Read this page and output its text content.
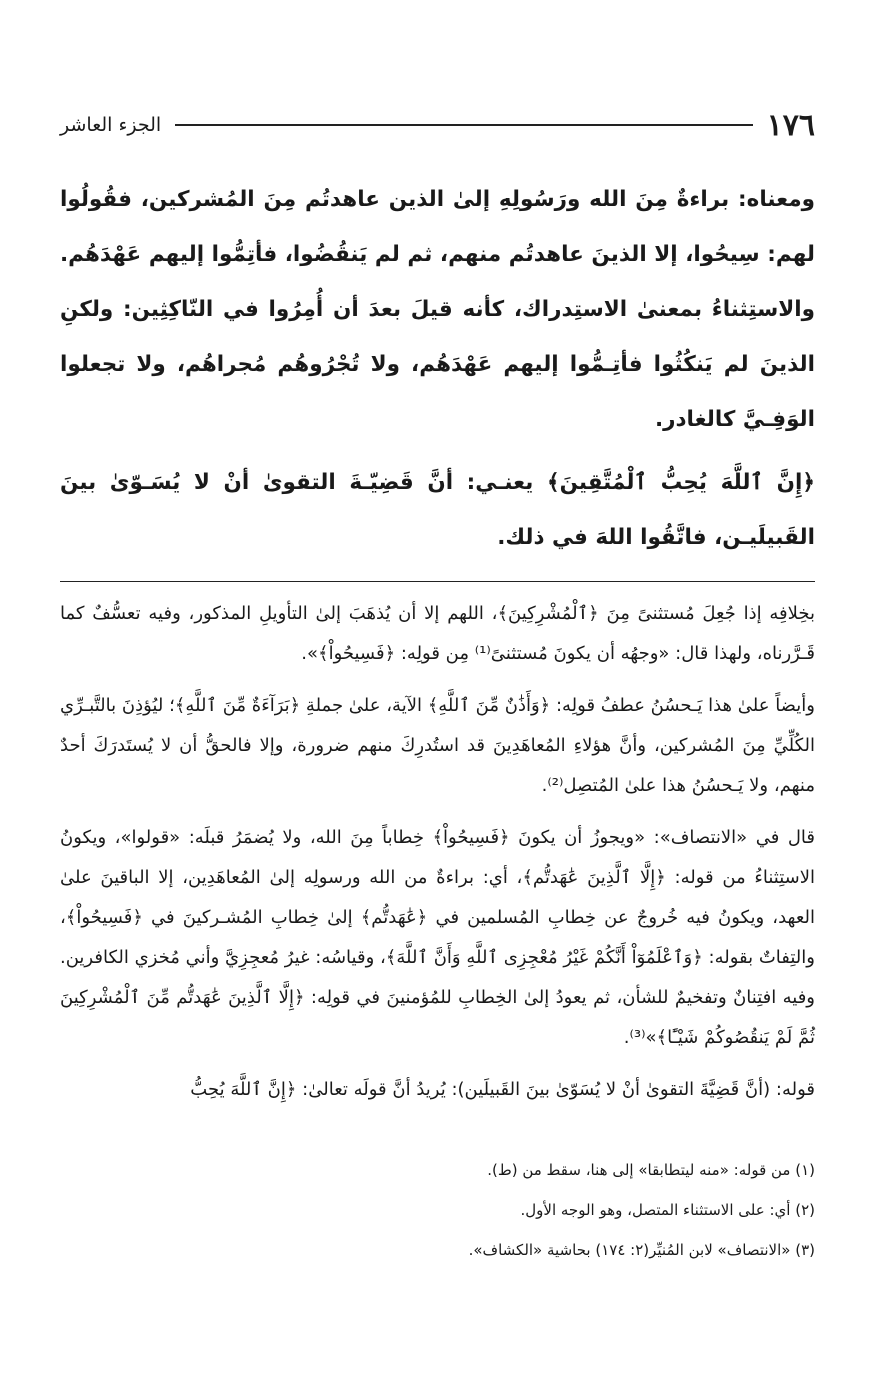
١٧٦
الجزء العاشر

ومعناه: براءةٌ مِنَ الله ورَسُولِهِ إلىٰ الذين عاهدتُم مِنَ المُشركين، فقُولُوا لهم: سِيحُوا، إلا الذينَ عاهدتُم منهم، ثم لم يَنقُضُوا، فأتِمُّوا إليهم عَهْدَهُم. والاستِثناءُ بمعنىٰ الاستِدراك، كأنه قيلَ بعدَ أن أُمِرُوا في النّاكِثِين: ولكنِ الذينَ لم يَنكُثُوا فأتِـمُّوا إليهم عَهْدَهُم، ولا تُجْرُوهُم مُجراهُم، ولا تجعلوا الوَفِـيَّ كالغادر.

﴿إِنَّ ٱللَّهَ يُحِبُّ ٱلْمُتَّقِينَ﴾ يعنـي: أنَّ قَضِيّـةَ التقوىٰ أنْ لا يُسَـوّىٰ بينَ القَبيلَيـن، فاتَّقُوا اللهَ في ذلك.

بخِلافِه إذا جُعِلَ مُستثنىً مِنَ ﴿ٱلْمُشْرِكِينَ﴾، اللهم إلا أن يُذهَبَ إلىٰ التأويلِ المذكور، وفيه تعسُّفٌ كما قَـرَّرناه، ولهذا قال: «وجهُه أن يكونَ مُستثنىً⁽¹⁾ مِن قولِه: ﴿فَسِيحُواْ﴾».

وأيضاً علىٰ هذا يَـحسُنُ عطفُ قولِه: ﴿وَأَذَٰنٌ مِّنَ ٱللَّهِ﴾ الآية، علىٰ جملةِ ﴿بَرَآءَةٌ مِّنَ ٱللَّهِ﴾؛ ليُؤذِنَ بالتَّبـرِّي الكُلِّيِّ مِنَ المُشركين، وأنَّ هؤلاءِ المُعاهَدِينَ قد استُدرِكَ منهم ضرورة، وإلا فالحقُّ أن لا يُستَدرَكَ أحدٌ منهم، ولا يَـحسُنُ هذا علىٰ المُتصِل⁽²⁾.

قال في «الانتصاف»: «ويجوزُ أن يكونَ ﴿فَسِيحُواْ﴾ خِطاباً مِنَ الله، ولا يُضمَرُ قبلَه: «قولوا»، ويكونُ الاستِثناءُ من قوله: ﴿إِلَّا ٱلَّذِينَ عَٰهَدتُّم﴾، أي: براءةٌ من الله ورسولِه إلىٰ المُعاهَدِين، إلا الباقينَ علىٰ العهد، ويكونُ فيه خُروجٌ عن خِطابِ المُسلمين في ﴿عَٰهَدتُّم﴾ إلىٰ خِطابِ المُشـركينَ في ﴿فَسِيحُواْ﴾، والتِفاتٌ بقوله: ﴿وَٱعْلَمُوٓاْ أَنَّكُمْ غَيْرُ مُعْجِزِى ٱللَّهِ وَأَنَّ ٱللَّهَ﴾، وقياسُه: غيرُ مُعجِزِيَّ وأني مُخزي الكافرين. وفيه افتِنانٌ وتفخيمٌ للشأن، ثم يعودُ إلىٰ الخِطابِ للمُؤمنينَ في قولِه: ﴿إِلَّا ٱلَّذِينَ عَٰهَدتُّم مِّنَ ٱلْمُشْرِكِينَ ثُمَّ لَمْ يَنقُصُوكُمْ شَيْـًٔا﴾»⁽³⁾.

قوله: (أنَّ قَضِيَّةَ التقوىٰ أنْ لا يُسَوّىٰ بينَ القَبيلَين): يُريدُ أنَّ قولَه تعالىٰ: ﴿إِنَّ ٱللَّهَ يُحِبُّ

(١) من قوله: «منه ليتطابقا» إلى هنا، سقط من (ط).

(٢) أي: على الاستثناء المتصل، وهو الوجه الأول.

(٣) «الانتصاف» لابن المُنيِّر(٢: ١٧٤) بحاشية «الكشاف».
